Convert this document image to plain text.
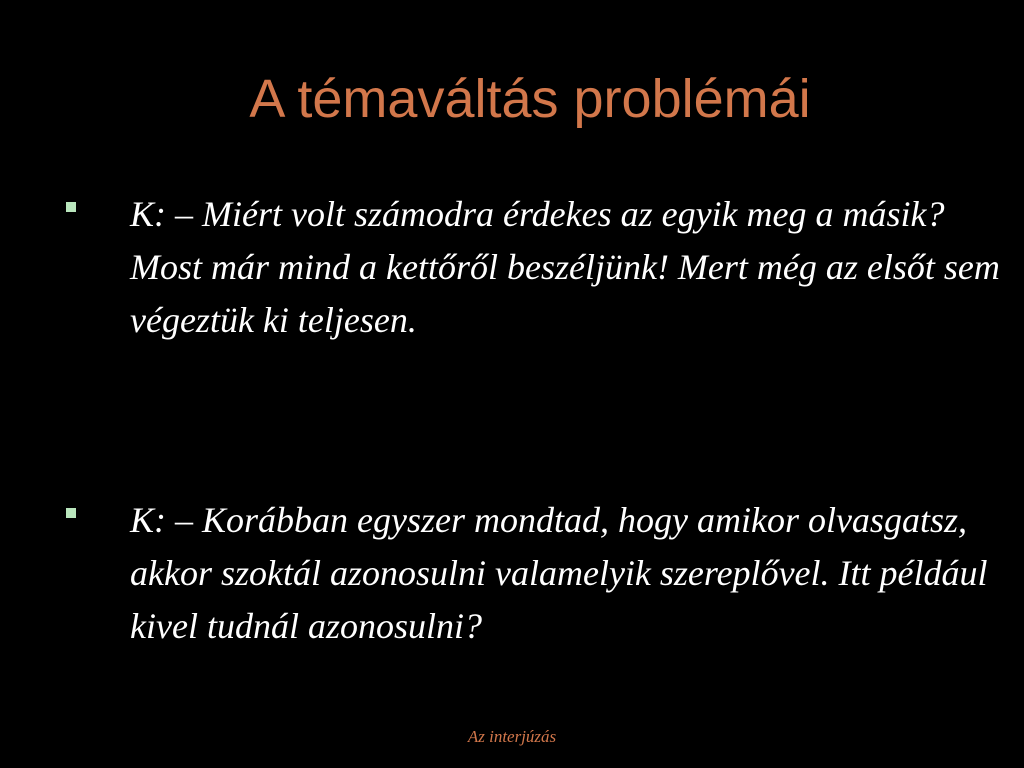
A témaváltás problémái

K: – Miért volt számodra érdekes az egyik meg a másik? Most már mind a kettőről beszéljünk! Mert még az elsőt sem végeztük ki teljesen.

K: – Korábban egyszer mondtad, hogy amikor olvasgatsz, akkor szoktál azonosulni valamelyik szereplővel. Itt például kivel tudnál azonosulni?

Az interjúzás
